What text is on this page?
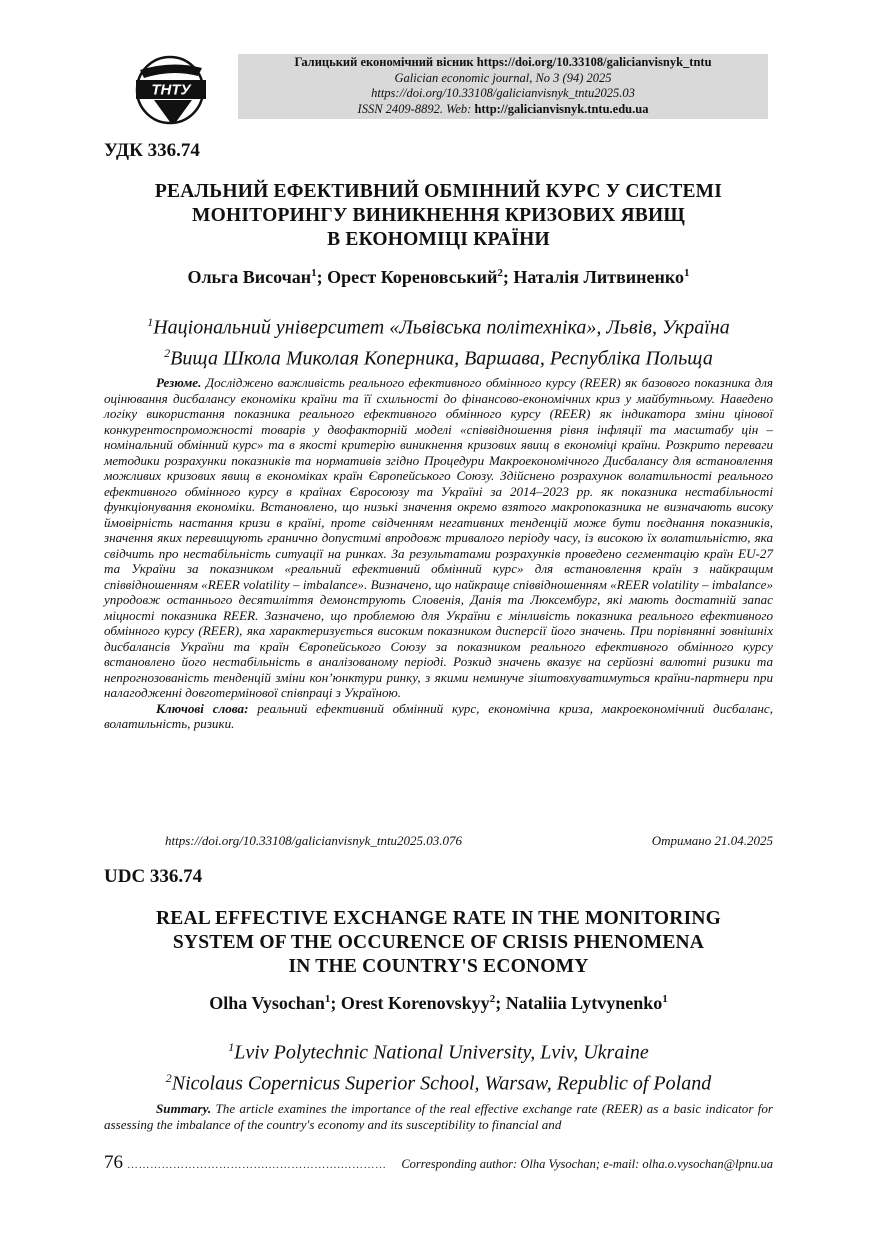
ТНТУ
Галицький економічний вісник https://doi.org/10.33108/galicianvisnyk_tntu
Galician economic journal, No 3 (94) 2025
https://doi.org/10.33108/galicianvisnyk_tntu2025.03
ISSN 2409-8892. Web: http://galicianvisnyk.tntu.edu.ua
УДК 336.74
РЕАЛЬНИЙ ЕФЕКТИВНИЙ ОБМІННИЙ КУРС У СИСТЕМІ
МОНІТОРИНГУ ВИНИКНЕННЯ КРИЗОВИХ ЯВИЩ
В ЕКОНОМІЦІ КРАЇНИ
Ольга Височан$^1$; Орест Кореновський$^2$; Наталія Литвиненко$^1$
$^1$Національний університет «Львівська політехніка», Львів, Україна
$^2$Вища Школа Миколая Коперника, Варшава, Республіка Польща

Резюме. Досліджено важливість реального ефективного обмінного курсу (REER) як базового показника для оцінювання дисбалансу економіки країни та її схильності до фінансово-економічних криз у майбутньому. Наведено логіку використання показника реального ефективного обмінного курсу (REER) як індикатора зміни цінової конкурентоспроможності товарів у двофакторній моделі «співвідношення рівня інфляції та масштабу цін – номінальний обмінний курс» та в якості критерію виникнення кризових явищ в економіці країни. Розкрито переваги методики розрахунки показників та нормативів згідно Процедури Макроекономічного Дисбалансу для встановлення можливих кризових явищ в економіках країн Європейського Союзу. Здійснено розрахунок волатильності реального ефективного обмінного курсу в країнах Євросоюзу та Україні за 2014–2023 рр. як показника нестабільності функціонування економіки. Встановлено, що низькі значення окремо взятого макропоказника не визначають високу ймовірність настання кризи в країні, проте свідченням негативних тенденцій може бути поєднання показників, значення яких перевищують гранично допустимі впродовж тривалого періоду часу, із високою їх волатильністю, яка свідчить про нестабільність ситуації на ринках. За результатами розрахунків проведено сегментацію країн EU-27 та України за показником «реальний ефективний обмінний курс» для встановлення країн з найкращим співвідношенням «REER volatility – imbalance». Визначено, що найкраще співвідношенням «REER volatility – imbalance» упродовж останнього десятиліття демонструють Словенія, Данія та Люксембург, які мають достатній запас міцності показника REER. Зазначено, що проблемою для України є мінливість показника реального ефективного обмінного курсу (REER), яка характеризується високим показником дисперсії його значень. При порівнянні зовнішніх дисбалансів України та країн Європейського Союзу за показником реального ефективного обмінного курсу встановлено його нестабільність в аналізованому періоді. Розкид значень вказує на серйозні валютні ризики та непрогнозованість тенденцій зміни кон’юнктури ринку, з якими неминуче зіштовхуватимуться країни-партнери при налагодженні довготермінової співпраці з Україною.

Ключові слова: реальний ефективний обмінний курс, економічна криза, макроекономічний дисбаланс, волатильність, ризики.

https://doi.org/10.33108/galicianvisnyk_tntu2025.03.076	Отримано 21.04.2025
UDC 336.74
REAL EFFECTIVE EXCHANGE RATE IN THE MONITORING
SYSTEM OF THE OCCURENCE OF CRISIS PHENOMENA
IN THE COUNTRY'S ECONOMY
Olha Vysochan$^1$; Orest Korenovskyy$^2$; Nataliia Lytvynenko$^1$
$^1$Lviv Polytechnic National University, Lviv, Ukraine
$^2$Nicolaus Copernicus Superior School, Warsaw, Republic of Poland

Summary. The article examines the importance of the real effective exchange rate (REER) as a basic indicator for assessing the imbalance of the country's economy and its susceptibility to financial and

76 ……………………………….……………….…………	Corresponding author: Olha Vysochan; e-mail: olha.o.vysochan@lpnu.ua
